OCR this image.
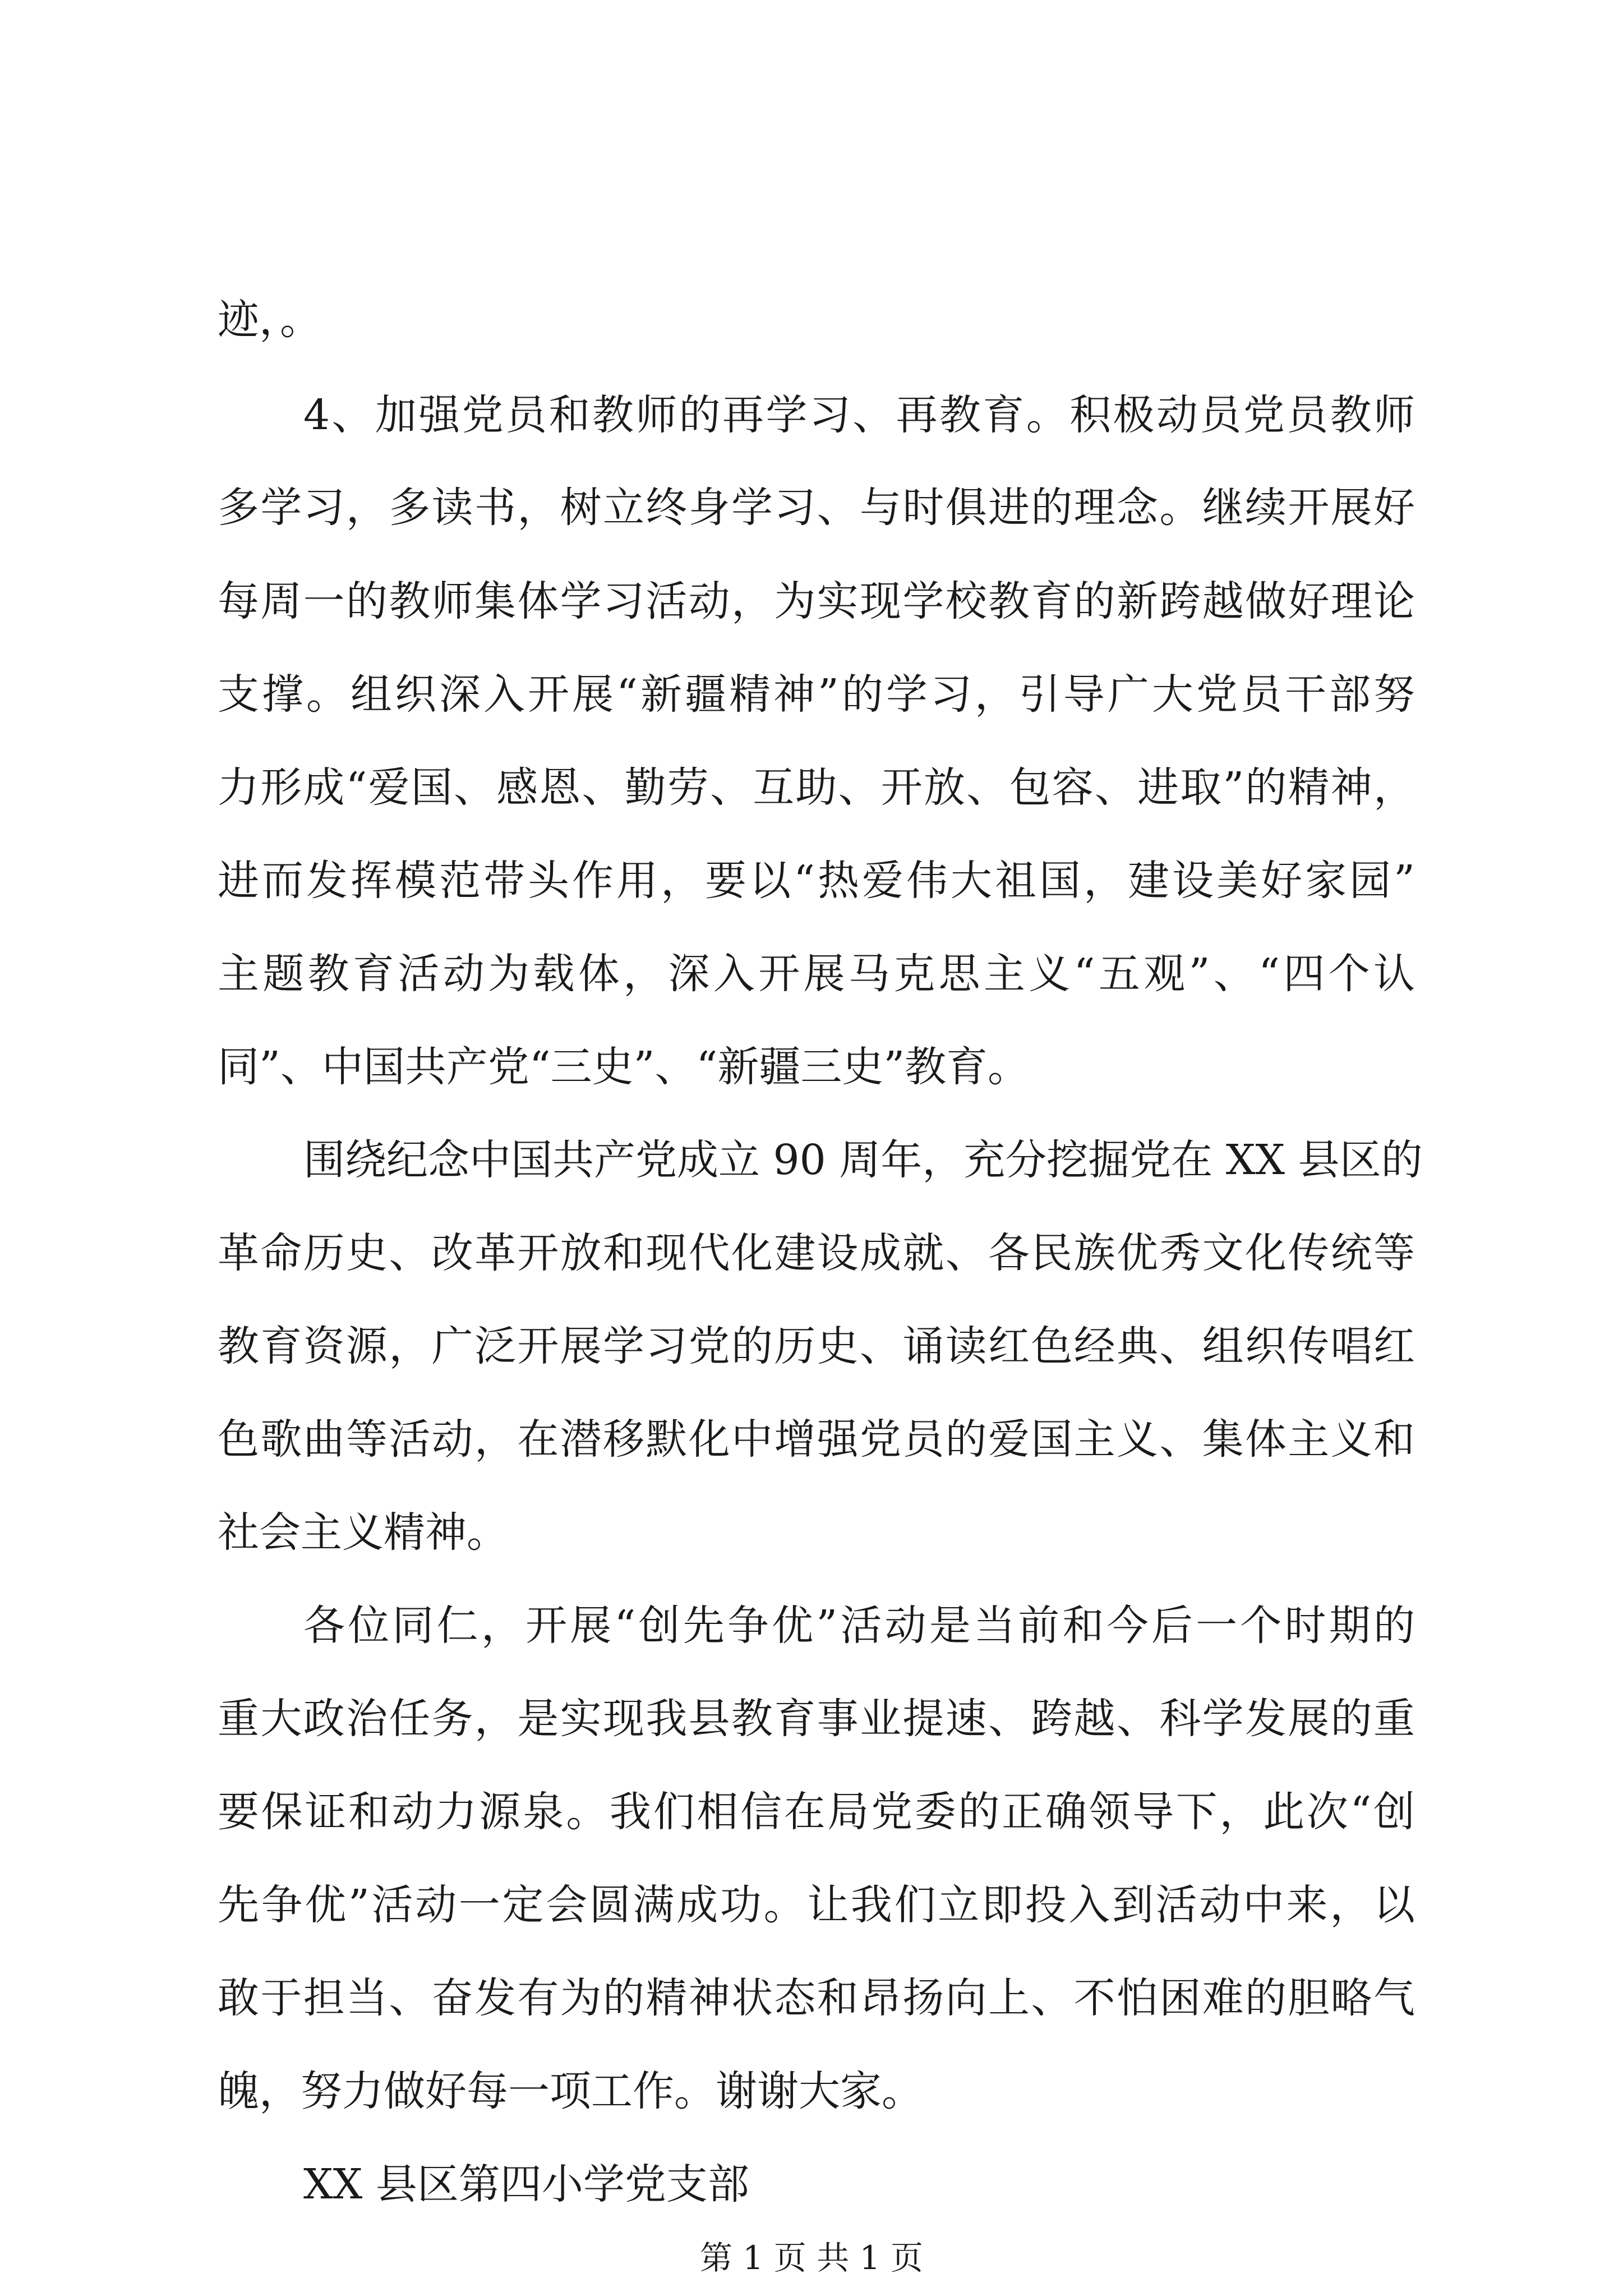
迹，。
4、加强党员和教师的再学习、再教育。积极动员党员教师
多学习，多读书，树立终身学习、与时俱进的理念。继续开展好
每周一的教师集体学习活动，为实现学校教育的新跨越做好理论
支撑。组织深入开展“新疆精神”的学习，引导广大党员干部努
力形成“爱国、感恩、勤劳、互助、开放、包容、进取”的精神，
进而发挥模范带头作用，要以“热爱伟大祖国，建设美好家园”
主题教育活动为载体，深入开展马克思主义“五观”、“四个认
同”、中国共产党“三史”、“新疆三史”教育。
围绕纪念中国共产党成立 90 周年，充分挖掘党在 XX 县区的
革命历史、改革开放和现代化建设成就、各民族优秀文化传统等
教育资源，广泛开展学习党的历史、诵读红色经典、组织传唱红
色歌曲等活动，在潜移默化中增强党员的爱国主义、集体主义和
社会主义精神。
各位同仁，开展“创先争优”活动是当前和今后一个时期的
重大政治任务，是实现我县教育事业提速、跨越、科学发展的重
要保证和动力源泉。我们相信在局党委的正确领导下，此次“创
先争优”活动一定会圆满成功。让我们立即投入到活动中来，以
敢于担当、奋发有为的精神状态和昂扬向上、不怕困难的胆略气
魄，努力做好每一项工作。谢谢大家。
XX 县区第四小学党支部
第 1 页 共 1 页
